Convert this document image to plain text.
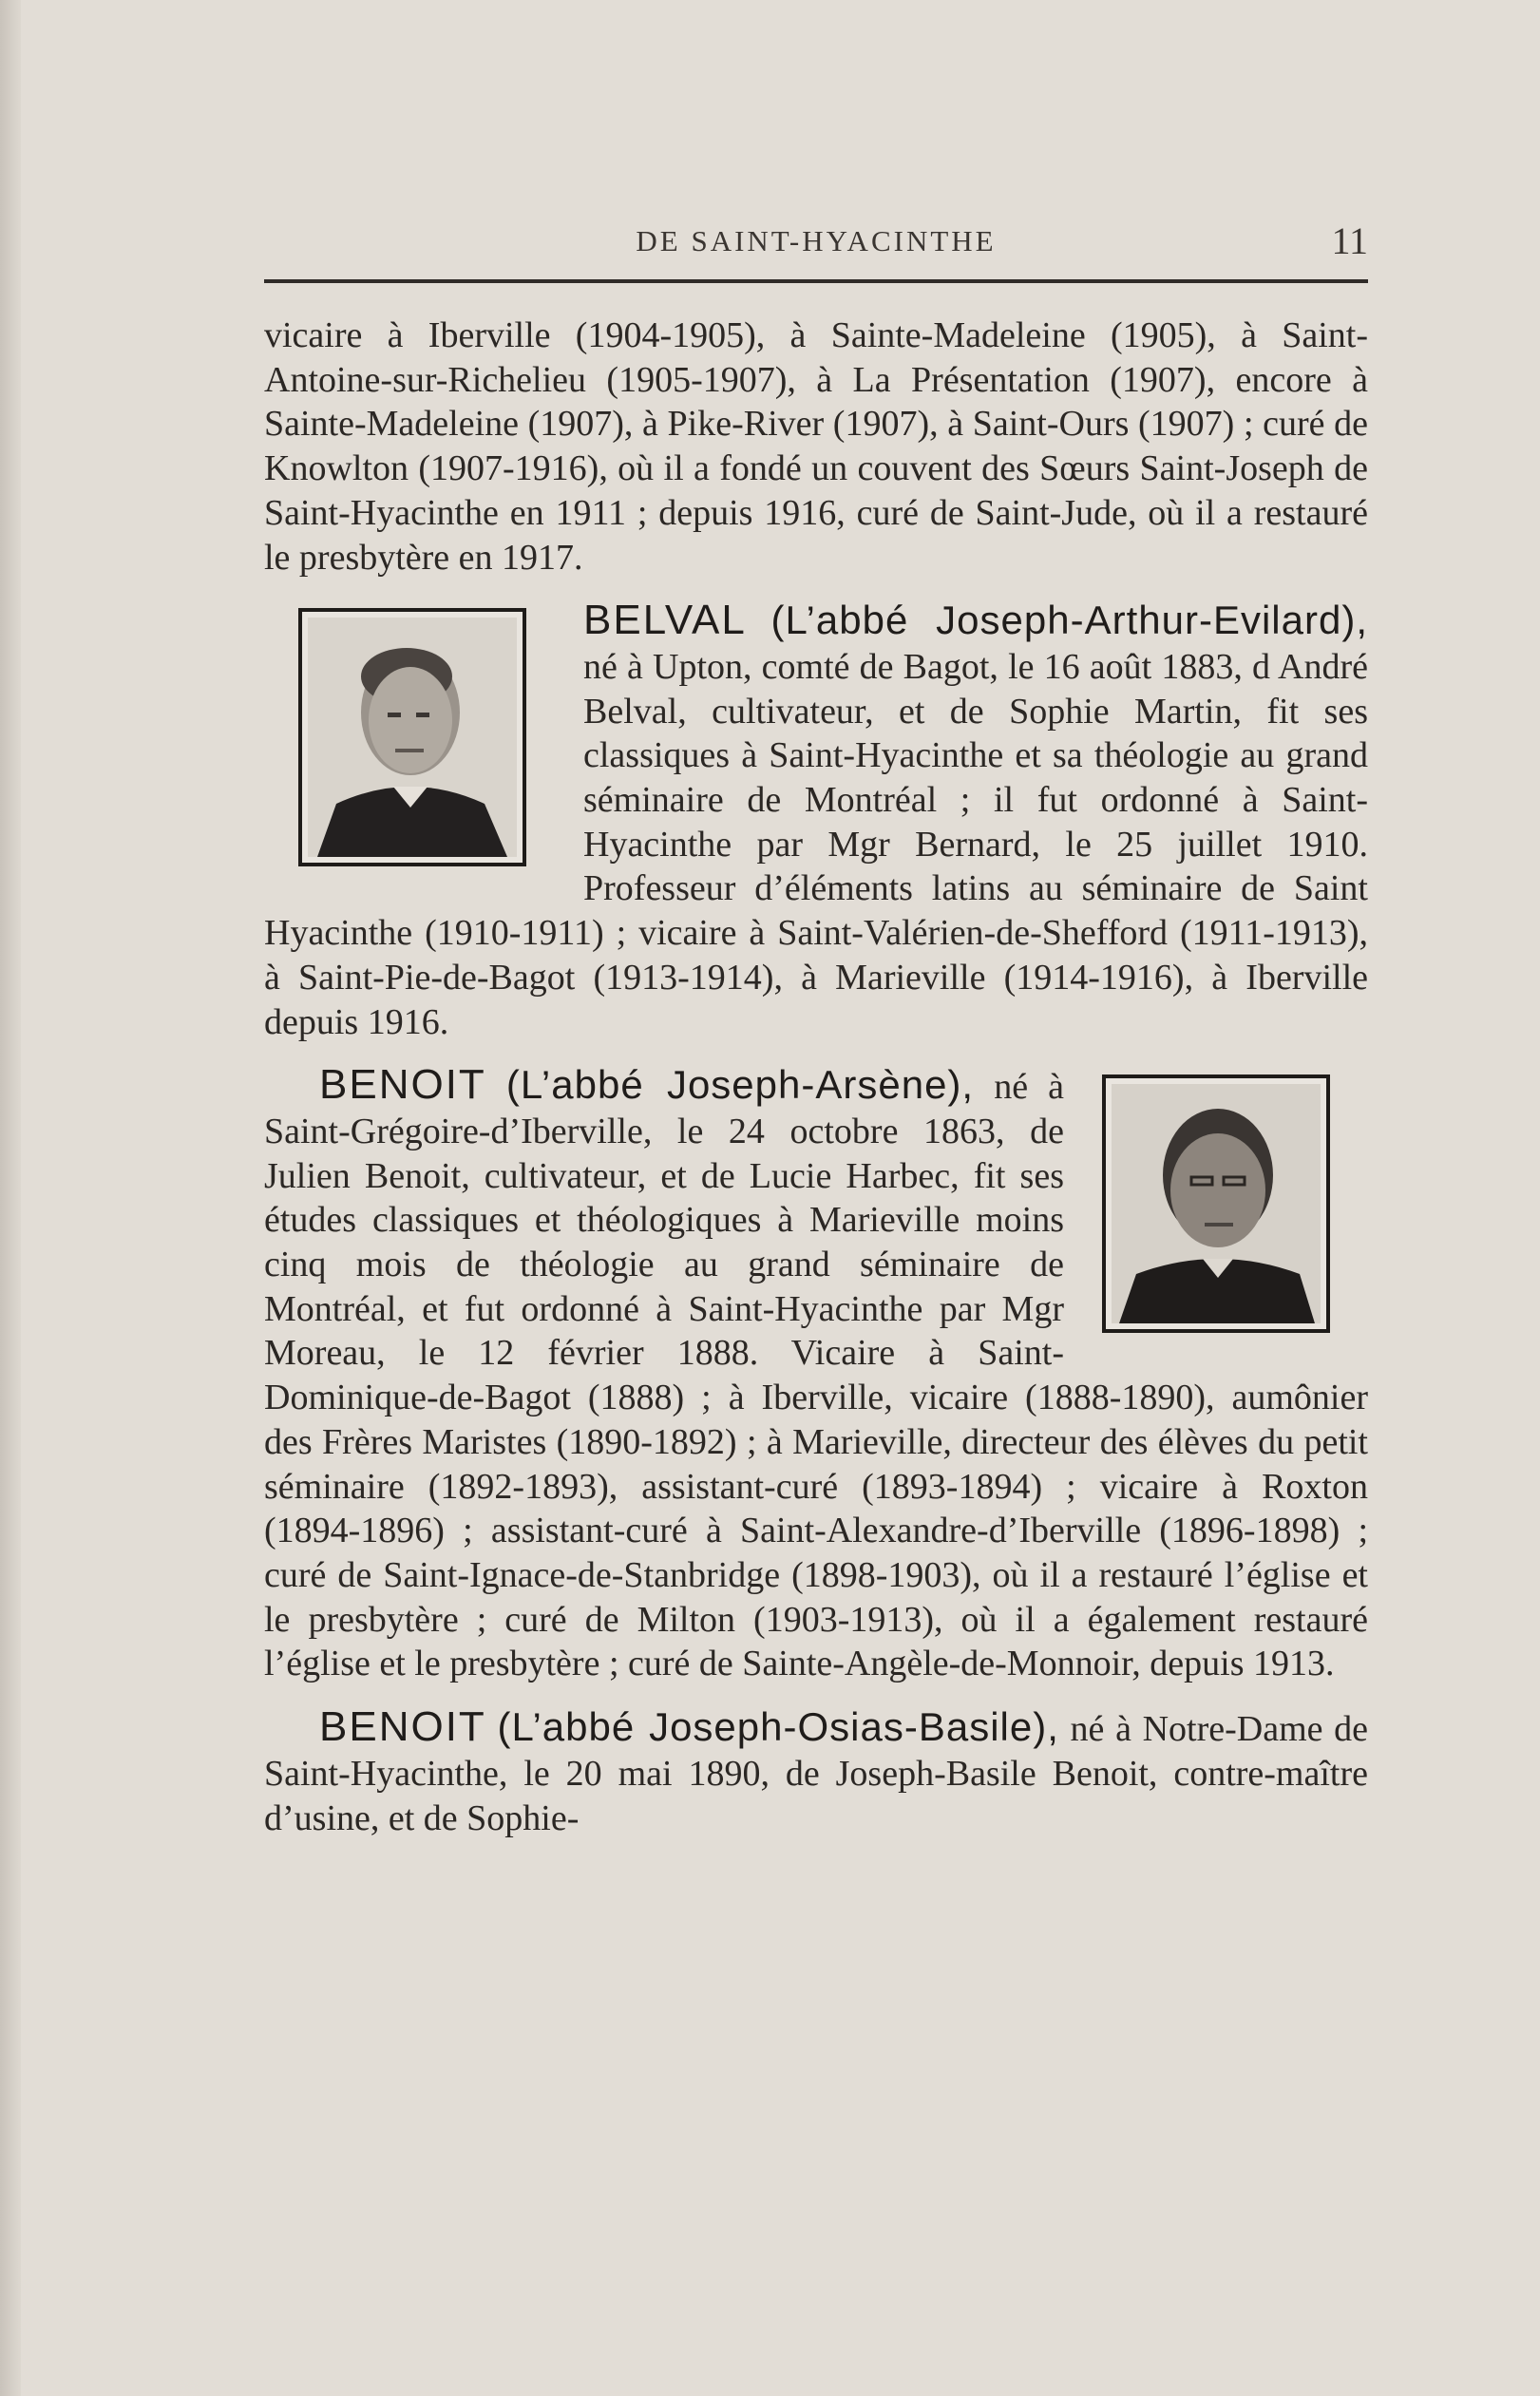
DE SAINT-HYACINTHE	11

vicaire à Iberville (1904-1905), à Sainte-Madeleine (1905), à Saint-Antoine-sur-Richelieu (1905-1907), à La Présentation (1907), encore à Sainte-Madeleine (1907), à Pike-River (1907), à Saint-Ours (1907) ; curé de Knowlton (1907-1916), où il a fondé un couvent des Sœurs Saint-Joseph de Saint-Hyacinthe en 1911 ; depuis 1916, curé de Saint-Jude, où il a restauré le presbytère en 1917.

BELVAL (L’abbé Joseph-Arthur-Evilard), né à Upton, comté de Bagot, le 16 août 1883, d André Belval, cultivateur, et de Sophie Martin, fit ses classiques à Saint-Hyacinthe et sa théologie au grand séminaire de Montréal ; il fut ordonné à Saint-Hyacinthe par Mgr Bernard, le 25 juillet 1910. Professeur d’éléments latins au séminaire de Saint Hyacinthe (1910-1911) ; vicaire à Saint-Valérien-de-Shefford (1911-1913), à Saint-Pie-de-Bagot (1913-1914), à Marieville (1914-1916), à Iberville depuis 1916.

BENOIT (L’abbé Joseph-Arsène), né à Saint-Grégoire-d’Iberville, le 24 octobre 1863, de Julien Benoit, cultivateur, et de Lucie Harbec, fit ses études classiques et théologiques à Marieville moins cinq mois de théologie au grand séminaire de Montréal, et fut ordonné à Saint-Hyacinthe par Mgr Moreau, le 12 février 1888. Vicaire à Saint-Dominique-de-Bagot (1888) ; à Iberville, vicaire (1888-1890), aumônier des Frères Maristes (1890-1892) ; à Marieville, directeur des élèves du petit séminaire (1892-1893), assistant-curé (1893-1894) ; vicaire à Roxton (1894-1896) ; assistant-curé à Saint-Alexandre-d’Iberville (1896-1898) ; curé de Saint-Ignace-de-Stanbridge (1898-1903), où il a restauré l’église et le presbytère ; curé de Milton (1903-1913), où il a également restauré l’église et le presbytère ; curé de Sainte-Angèle-de-Monnoir, depuis 1913.

BENOIT (L’abbé Joseph-Osias-Basile), né à Notre-Dame de Saint-Hyacinthe, le 20 mai 1890, de Joseph-Basile Benoit, contre-maître d’usine, et de Sophie-
